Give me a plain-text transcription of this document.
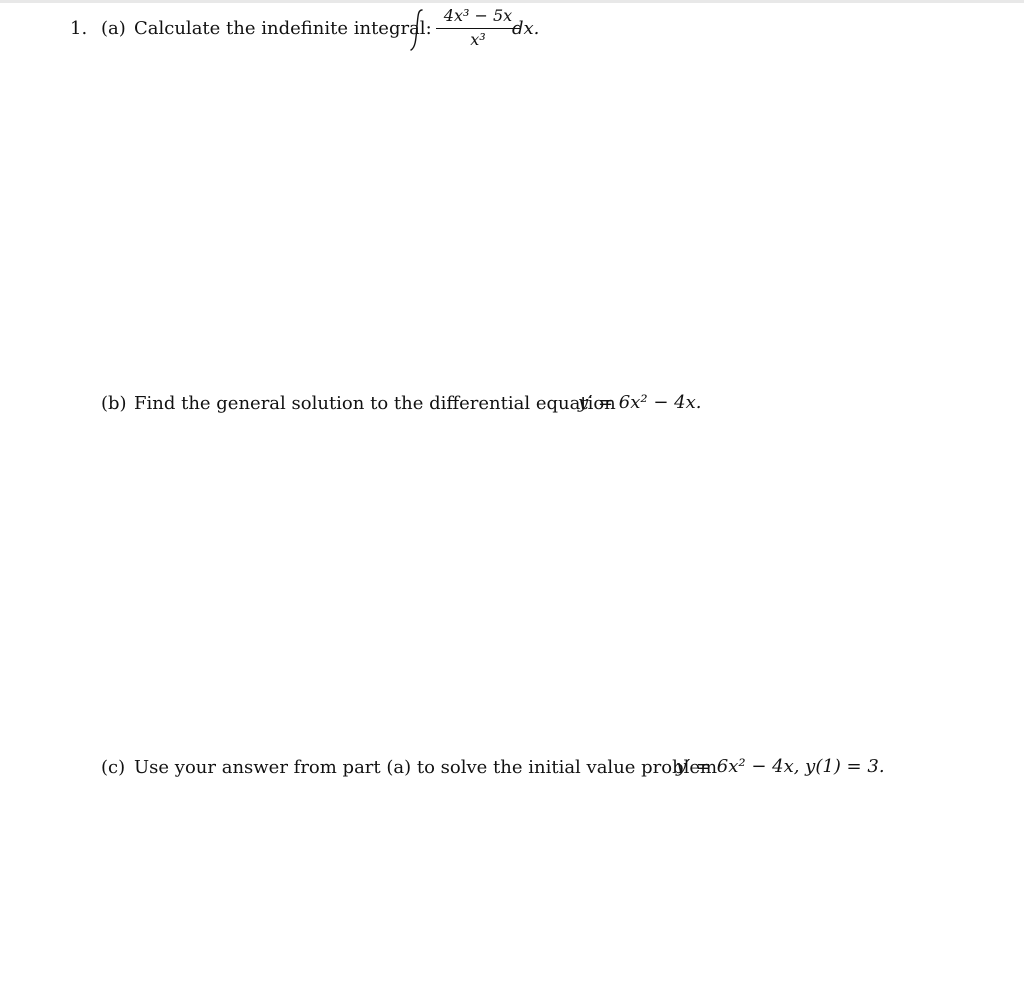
1. (a) Calculate the indefinite integral:
4x³ − 5x
x³
dx.
(b) Find the general solution to the differential equation
y′ = 6x² − 4x.
(c) Use your answer from part (a) to solve the initial value problem
y′ = 6x² − 4x, y(1) = 3.
